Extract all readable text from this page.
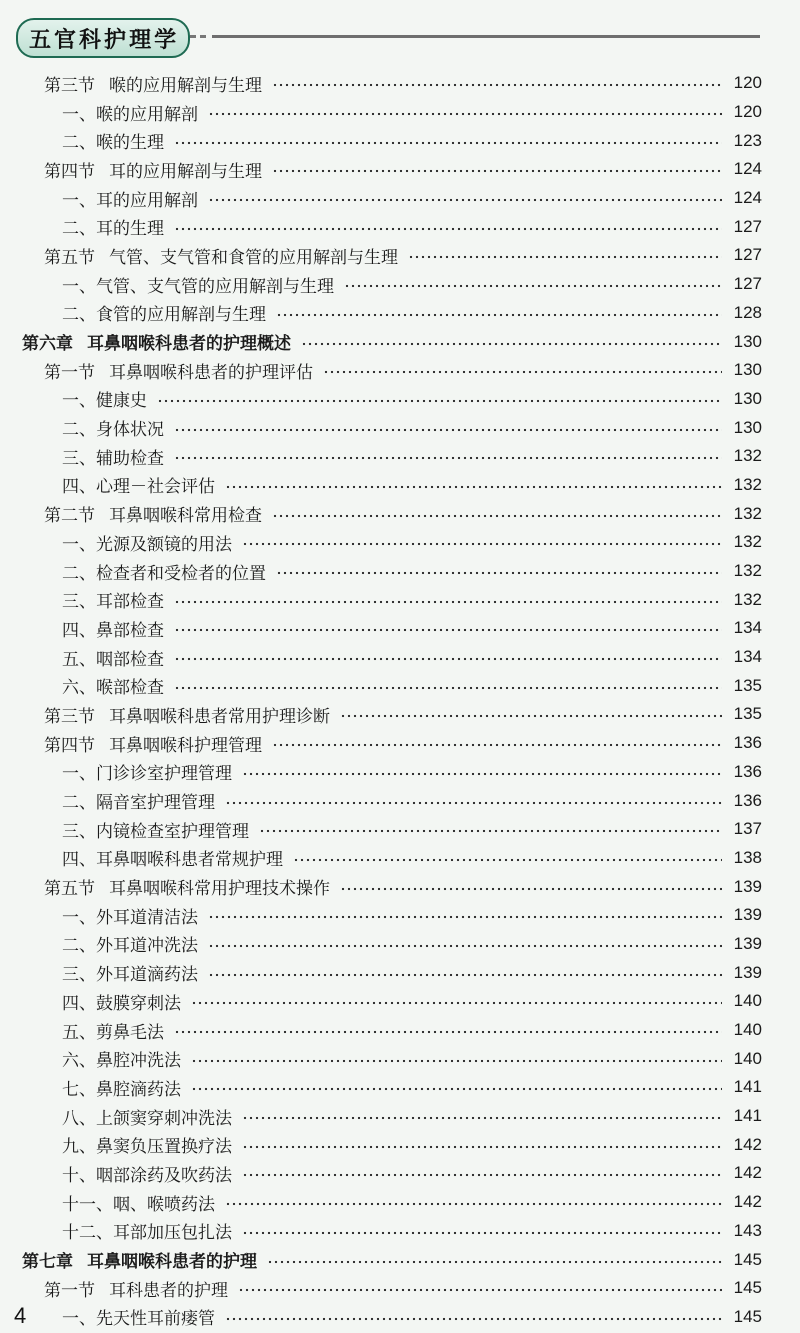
五 官 科 护 理 学
第三节 喉的应用解剖与生理	120
一、喉的应用解剖	120
二、喉的生理	123
第四节 耳的应用解剖与生理	124
一、耳的应用解剖	124
二、耳的生理	127
第五节 气管、支气管和食管的应用解剖与生理	127
一、气管、支气管的应用解剖与生理	127
二、食管的应用解剖与生理	128
第六章 耳鼻咽喉科患者的护理概述	130
第一节 耳鼻咽喉科患者的护理评估	130
一、健康史	130
二、身体状况	130
三、辅助检查	132
四、心理－社会评估	132
第二节 耳鼻咽喉科常用检查	132
一、光源及额镜的用法	132
二、检查者和受检者的位置	132
三、耳部检查	132
四、鼻部检查	134
五、咽部检查	134
六、喉部检查	135
第三节 耳鼻咽喉科患者常用护理诊断	135
第四节 耳鼻咽喉科护理管理	136
一、门诊诊室护理管理	136
二、隔音室护理管理	136
三、内镜检查室护理管理	137
四、耳鼻咽喉科患者常规护理	138
第五节 耳鼻咽喉科常用护理技术操作	139
一、外耳道清洁法	139
二、外耳道冲洗法	139
三、外耳道滴药法	139
四、鼓膜穿刺法	140
五、剪鼻毛法	140
六、鼻腔冲洗法	140
七、鼻腔滴药法	141
八、上颌窦穿刺冲洗法	141
九、鼻窦负压置换疗法	142
十、咽部涂药及吹药法	142
十一、咽、喉喷药法	142
十二、耳部加压包扎法	143
第七章 耳鼻咽喉科患者的护理	145
第一节 耳科患者的护理	145
一、先天性耳前瘘管	145
4
